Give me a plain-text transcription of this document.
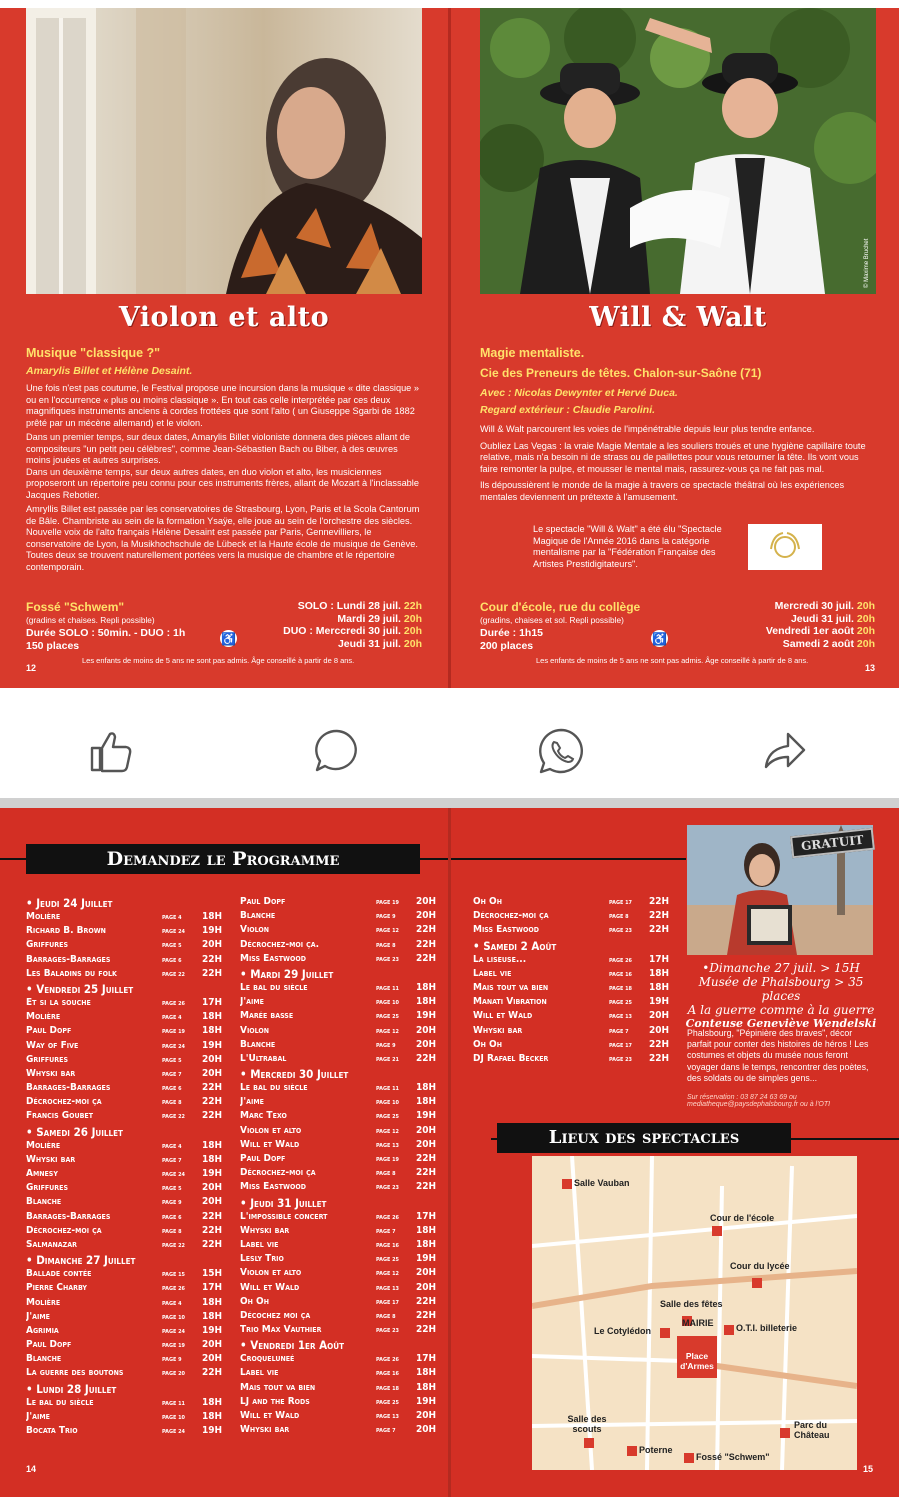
Violon et alto
Musique "classique ?"
Amarylis Billet et Hélène Desaint.
Une fois n'est pas coutume, le Festival propose une incursion dans la musique « dite classique » ou en l'occurrence « plus ou moins classique ». En tout cas celle interprétée par ces deux magnifiques instruments anciens à cordes frottées que sont l'alto ( un Giuseppe Sgarbi de 1882 prêté par un mécène allemand) et le violon.
Dans un premier temps, sur deux dates, Amarylis Billet violoniste donnera des pièces allant de compositeurs "un petit peu célèbres", comme Jean-Sébastien Bach ou Biber, à des œuvres moins jouées et autres surprises.
Dans un deuxième temps, sur deux autres dates, en duo violon et alto, les musiciennes proposeront un répertoire peu connu pour ces instruments frères, allant de Mozart à l'inclassable Jacques Rebotier.
Amryllis Billet est passée par les conservatoires de Strasbourg, Lyon, Paris et la Scola Cantorum de Bâle. Chambriste au sein de la formation Ysaÿe, elle joue au sein de l'orchestre des siècles. Nouvelle voix de l'alto français Hélène Desaint est passée par Paris, Gennevilliers, le conservatoire de Lyon, la Musikhochschule de Lübeck et la Haute école de musique de Genève. Toutes deux se trouvent naturellement portées vers la musique de chambre et le répertoire contemporain.
Fossé "Schwem"
(gradins et chaises. Repli possible)
Durée SOLO : 50min. - DUO : 1h
150 places
♿
SOLO : Lundi 28 juil. 22h
Mardi 29 juil. 20h
DUO : Merccredi 30 juil. 20h
Jeudi 31 juil. 20h
12
Les enfants de moins de 5 ans ne sont pas admis. Âge conseillé à partir de 8 ans.
© Maxime Bruchet
Will & Walt
Magie mentaliste.
Cie des Preneurs de têtes. Chalon-sur-Saône (71)
Avec : Nicolas Dewynter et Hervé Duca.
Regard extérieur : Claudie Parolini.
Will & Walt parcourent les voies de l'impénétrable depuis leur plus tendre enfance.
Oubliez Las Vegas : la vraie Magie Mentale a les souliers troués et une hygiène capillaire toute relative, mais n'a besoin ni de strass ou de paillettes pour vous retourner la tête. Ils vont vous faire remonter la pulpe, et mousser le mental mais, rassurez-vous ça ne fait pas mal.
Ils dépoussièrent le monde de la magie à travers ce spectacle théâtral où les expériences mentales deviennent un prétexte à l'amusement.
Le spectacle "Will & Walt" a été élu "Spectacle Magique de l'Année 2016 dans la catégorie mentalisme par la "Fédération Française des Artistes Prestidigitateurs".
Cour d'école, rue du collège
(gradins, chaises et sol. Repli possible)
Durée : 1h15
200 places
♿
Mercredi 30 juil. 20h
Jeudi 31 juil. 20h
Vendredi 1er août 20h
Samedi 2 août 20h
Les enfants de moins de 5 ans ne sont pas admis. Âge conseillé à partir de 8 ans.
13
Demandez le Programme
• Jeudi 24 Juillet
Molière	PAGE 4	18H
Richard B. Brown	PAGE 24	19H
Griffures	PAGE 5	20H
Barrages-Barrages	PAGE 6	22H
Les Baladins du folk	PAGE 22	22H
• Vendredi 25 Juillet
Et si la souche	PAGE 26	17H
Molière	PAGE 4	18H
Paul Dopf	PAGE 19	18H
Way of Five	PAGE 24	19H
Griffures	PAGE 5	20H
Whyski bar	PAGE 7	20H
Barrages-Barrages	PAGE 6	22H
Décrochez-moi ça	PAGE 8	22H
Francis Goubet	PAGE 22	22H
• Samedi 26 Juillet
Molière	PAGE 4	18H
Whyski bar	PAGE 7	18H
Amnesy	PAGE 24	19H
Griffures	PAGE 5	20H
Blanche	PAGE 9	20H
Barrages-Barrages	PAGE 6	22H
Décrochez-moi ça	PAGE 8	22H
Salmanazar	PAGE 22	22H
• Dimanche 27 Juillet
Ballade contée	PAGE 15	15H
Pierre Charby	PAGE 26	17H
Molière	PAGE 4	18H
J'aime	PAGE 10	18H
Agrimia	PAGE 24	19H
Paul Dopf	PAGE 19	20H
Blanche	PAGE 9	20H
La guerre des boutons	PAGE 20	22H
• Lundi 28 Juillet
Le bal du siècle	PAGE 11	18H
J'aime	PAGE 10	18H
Bocata Trio	PAGE 24	19H
Paul Dopf	PAGE 19	20H
Blanche	PAGE 9	20H
Violon	PAGE 12	22H
Décrochez-moi ça.	PAGE 8	22H
Miss Eastwood	PAGE 23	22H
• Mardi 29 Juillet
Le bal du siècle	PAGE 11	18H
J'aime	PAGE 10	18H
Marée basse	PAGE 25	19H
Violon	PAGE 12	20H
Blanche	PAGE 9	20H
L'Ultrabal	PAGE 21	22H
• Mercredi 30 Juillet
Le bal du siècle	PAGE 11	18H
J'aime	PAGE 10	18H
Marc Texo	PAGE 25	19H
Violon et alto	PAGE 12	20H
Will et Wald	PAGE 13	20H
Paul Dopf	PAGE 19	22H
Décrochez-moi ça	PAGE 8	22H
Miss Eastwood	PAGE 23	22H
• Jeudi 31 Juillet
L'impossible concert	PAGE 26	17H
Whyski bar	PAGE 7	18H
Label vie	PAGE 16	18H
Lesly Trio	PAGE 25	19H
Violon et alto	PAGE 12	20H
Will et Wald	PAGE 13	20H
Oh Oh	PAGE 17	22H
Décochez moi ça	PAGE 8	22H
Trio Max Vauthier	PAGE 23	22H
• Vendredi 1er Août
Croqueluneé	PAGE 26	17H
Label vie	PAGE 16	18H
Mais tout va bien	PAGE 18	18H
LJ and the Rods	PAGE 25	19H
Will et Wald	PAGE 13	20H
Whyski bar	PAGE 7	20H
14
Oh Oh	PAGE 17	22H
Décrochez-moi ça	PAGE 8	22H
Miss Eastwood	PAGE 23	22H
• Samedi 2 Août
La liseuse...	PAGE 26	17H
Label vie	PAGE 16	18H
Mais tout va bien	PAGE 18	18H
Manati Vibration	PAGE 25	19H
Will et Wald	PAGE 13	20H
Whyski bar	PAGE 7	20H
Oh Oh	PAGE 17	22H
DJ Rafael Becker	PAGE 23	22H
GRATUIT
•Dimanche 27 juil. > 15H
Musée de Phalsbourg > 35 places
A la guerre comme à la guerre
Conteuse Geneviève Wendelski
Phalsbourg, "Pépinière des braves", décor parfait pour conter des histoires de héros ! Les costumes et objets du musée nous feront voyager dans le temps, rencontrer des poètes, des soldats ou de simples gens...
Sur réservation : 03 87 24 63 69 ou mediatheque@paysdephalsbourg.fr ou à l'OTI
Lieux des spectacles
Salle Vauban
Cour de l'école
Cour du lycée
Salle des fêtes
MAIRIE	O.T.I. billeterie
Le Cotylédon
Place d'Armes
Salle des scouts
Poterne
Fossé "Schwem"
Parc du Château
15
